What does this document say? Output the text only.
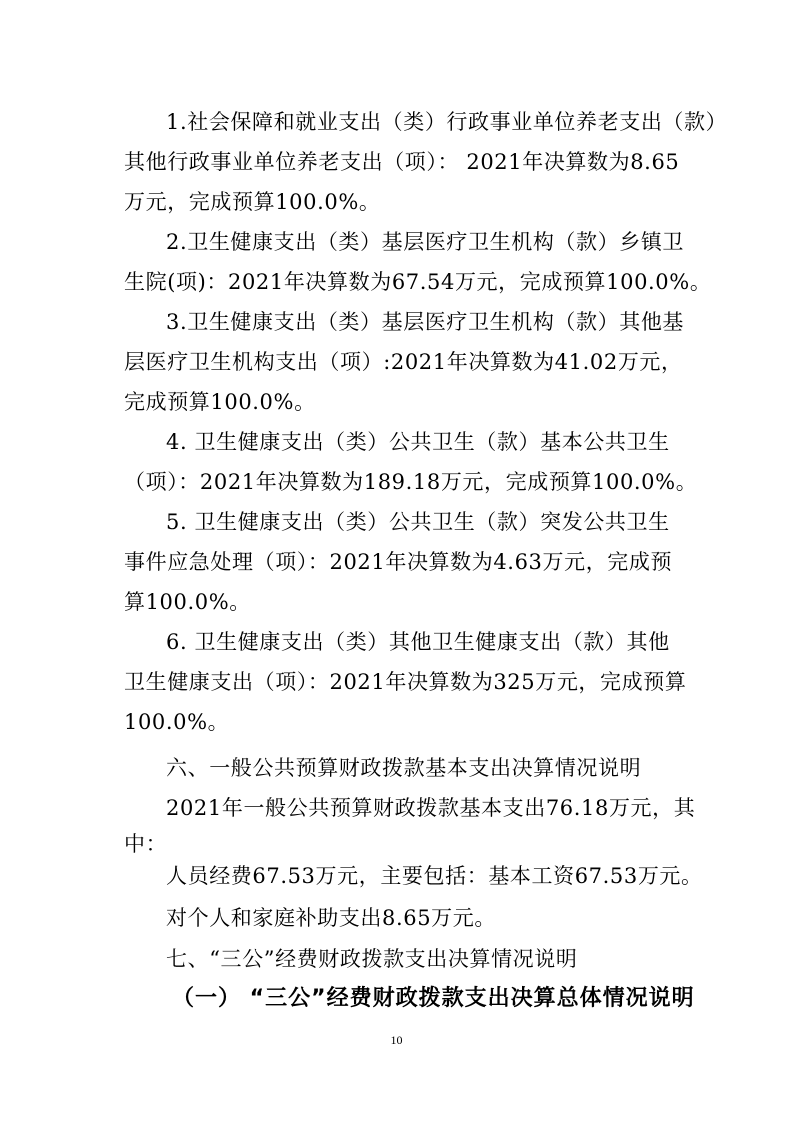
1.社会保障和就业支出（类）行政事业单位养老支出（款）
其他行政事业单位养老支出（项）： 2021年决算数为8.65
万元，完成预算100.0%。
2.卫生健康支出（类）基层医疗卫生机构（款）乡镇卫
生院(项)：2021年决算数为67.54万元，完成预算100.0%。
3.卫生健康支出（类）基层医疗卫生机构（款）其他基
层医疗卫生机构支出（项）:2021年决算数为41.02万元，
完成预算100.0%。
4. 卫生健康支出（类）公共卫生（款）基本公共卫生
（项）：2021年决算数为189.18万元，完成预算100.0%。
5. 卫生健康支出（类）公共卫生（款）突发公共卫生
事件应急处理（项）：2021年决算数为4.63万元，完成预
算100.0%。
6. 卫生健康支出（类）其他卫生健康支出（款）其他
卫生健康支出（项）：2021年决算数为325万元，完成预算
100.0%。
六、一般公共预算财政拨款基本支出决算情况说明
2021年一般公共预算财政拨款基本支出76.18万元，其
中：
人员经费67.53万元，主要包括：基本工资67.53万元。
对个人和家庭补助支出8.65万元。
七、“三公”经费财政拨款支出决算情况说明
（一） “三公”经费财政拨款支出决算总体情况说明
10
